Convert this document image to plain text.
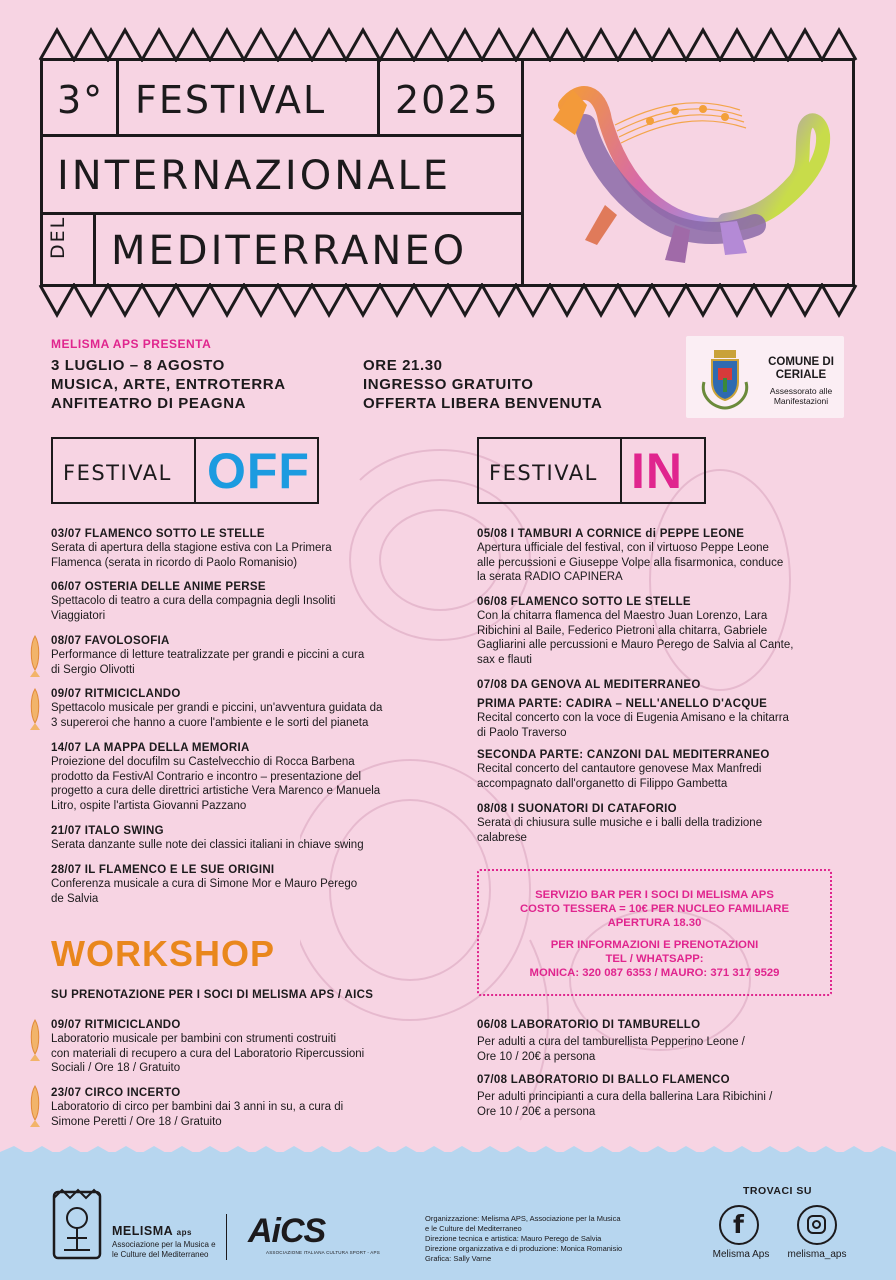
3° FESTIVAL 2025
INTERNAZIONALE
DEL MEDITERRANEO
MELISMA APS PRESENTA
3 LUGLIO – 8 AGOSTO
MUSICA, ARTE, ENTROTERRA
ANFITEATRO DI PEAGNA
ORE 21.30
INGRESSO GRATUITO
OFFERTA LIBERA BENVENUTA
COMUNE DI
CERIALE
Assessorato alle
Manifestazioni
FESTIVAL OFF	FESTIVAL IN
03/07 FLAMENCO SOTTO LE STELLE
Serata di apertura della stagione estiva con La Primera
Flamenca (serata in ricordo di Paolo Romanisio)
06/07 OSTERIA DELLE ANIME PERSE
Spettacolo di teatro a cura della compagnia degli Insoliti
Viaggiatori
08/07 FAVOLOSOFIA
Performance di letture teatralizzate per grandi e piccini a cura
di Sergio Olivotti
09/07 RITMICICLANDO
Spettacolo musicale per grandi e piccini, un'avventura guidata da
3 supereroi che hanno a cuore l'ambiente e le sorti del pianeta
14/07 LA MAPPA DELLA MEMORIA
Proiezione del docufilm su Castelvecchio di Rocca Barbena
prodotto da FestivAl Contrario e incontro – presentazione del
progetto a cura delle direttrici artistiche Vera Marenco e Manuela
Litro, ospite l'artista Giovanni Pazzano
21/07 ITALO SWING
Serata danzante sulle note dei classici italiani in chiave swing
28/07 IL FLAMENCO E LE SUE ORIGINI
Conferenza musicale a cura di Simone Mor e Mauro Perego
de Salvia
05/08 I TAMBURI A CORNICE di PEPPE LEONE
Apertura ufficiale del festival, con il virtuoso Peppe Leone
alle percussioni e Giuseppe Volpe alla fisarmonica, conduce
la serata RADIO CAPINERA
06/08 FLAMENCO SOTTO LE STELLE
Con la chitarra flamenca del Maestro Juan Lorenzo, Lara
Ribichini al Baile, Federico Pietroni alla chitarra, Gabriele
Gagliarini alle percussioni e Mauro Perego de Salvia al Cante,
sax e flauti
07/08 DA GENOVA AL MEDITERRANEO
PRIMA PARTE: CADIRA – NELL'ANELLO D'ACQUE
Recital concerto con la voce di Eugenia Amisano e la chitarra
di Paolo Traverso
SECONDA PARTE: CANZONI DAL MEDITERRANEO
Recital concerto del cantautore genovese Max Manfredi
accompagnato dall'organetto di Filippo Gambetta
08/08 I SUONATORI DI CATAFORIO
Serata di chiusura sulle musiche e i balli della tradizione
calabrese
SERVIZIO BAR PER I SOCI DI MELISMA APS
COSTO TESSERA = 10€ PER NUCLEO FAMILIARE
APERTURA 18.30
PER INFORMAZIONI E PRENOTAZIONI
TEL / WHATSAPP:
MONICA: 320 087 6353 / MAURO: 371 317 9529
WORKSHOP
SU PRENOTAZIONE PER I SOCI DI MELISMA APS / AICS
09/07 RITMICICLANDO
Laboratorio musicale per bambini con strumenti costruiti
con materiali di recupero a cura del Laboratorio Ripercussioni
Sociali / Ore 18 / Gratuito
23/07 CIRCO INCERTO
Laboratorio di circo per bambini dai 3 anni in su, a cura di
Simone Peretti / Ore 18 / Gratuito
06/08 LABORATORIO DI TAMBURELLO
Per adulti a cura del tamburellista Pepperino Leone /
Ore 10 / 20€ a persona
07/08 LABORATORIO DI BALLO FLAMENCO
Per adulti principianti a cura della ballerina Lara Ribichini /
Ore 10 / 20€ a persona
MELISMA aps
Associazione per la Musica e
le Culture del Mediterraneo
AiCS
ASSOCIAZIONE ITALIANA CULTURA SPORT - APS
Organizzazione: Melisma APS, Associazione per la Musica
e le Culture del Mediterraneo
Direzione tecnica e artistica: Mauro Perego de Salvia
Direzione organizzativa e di produzione: Monica Romanisio
Grafica: Sally Varne
TROVACI SU
f
Melisma Aps	melisma_aps
